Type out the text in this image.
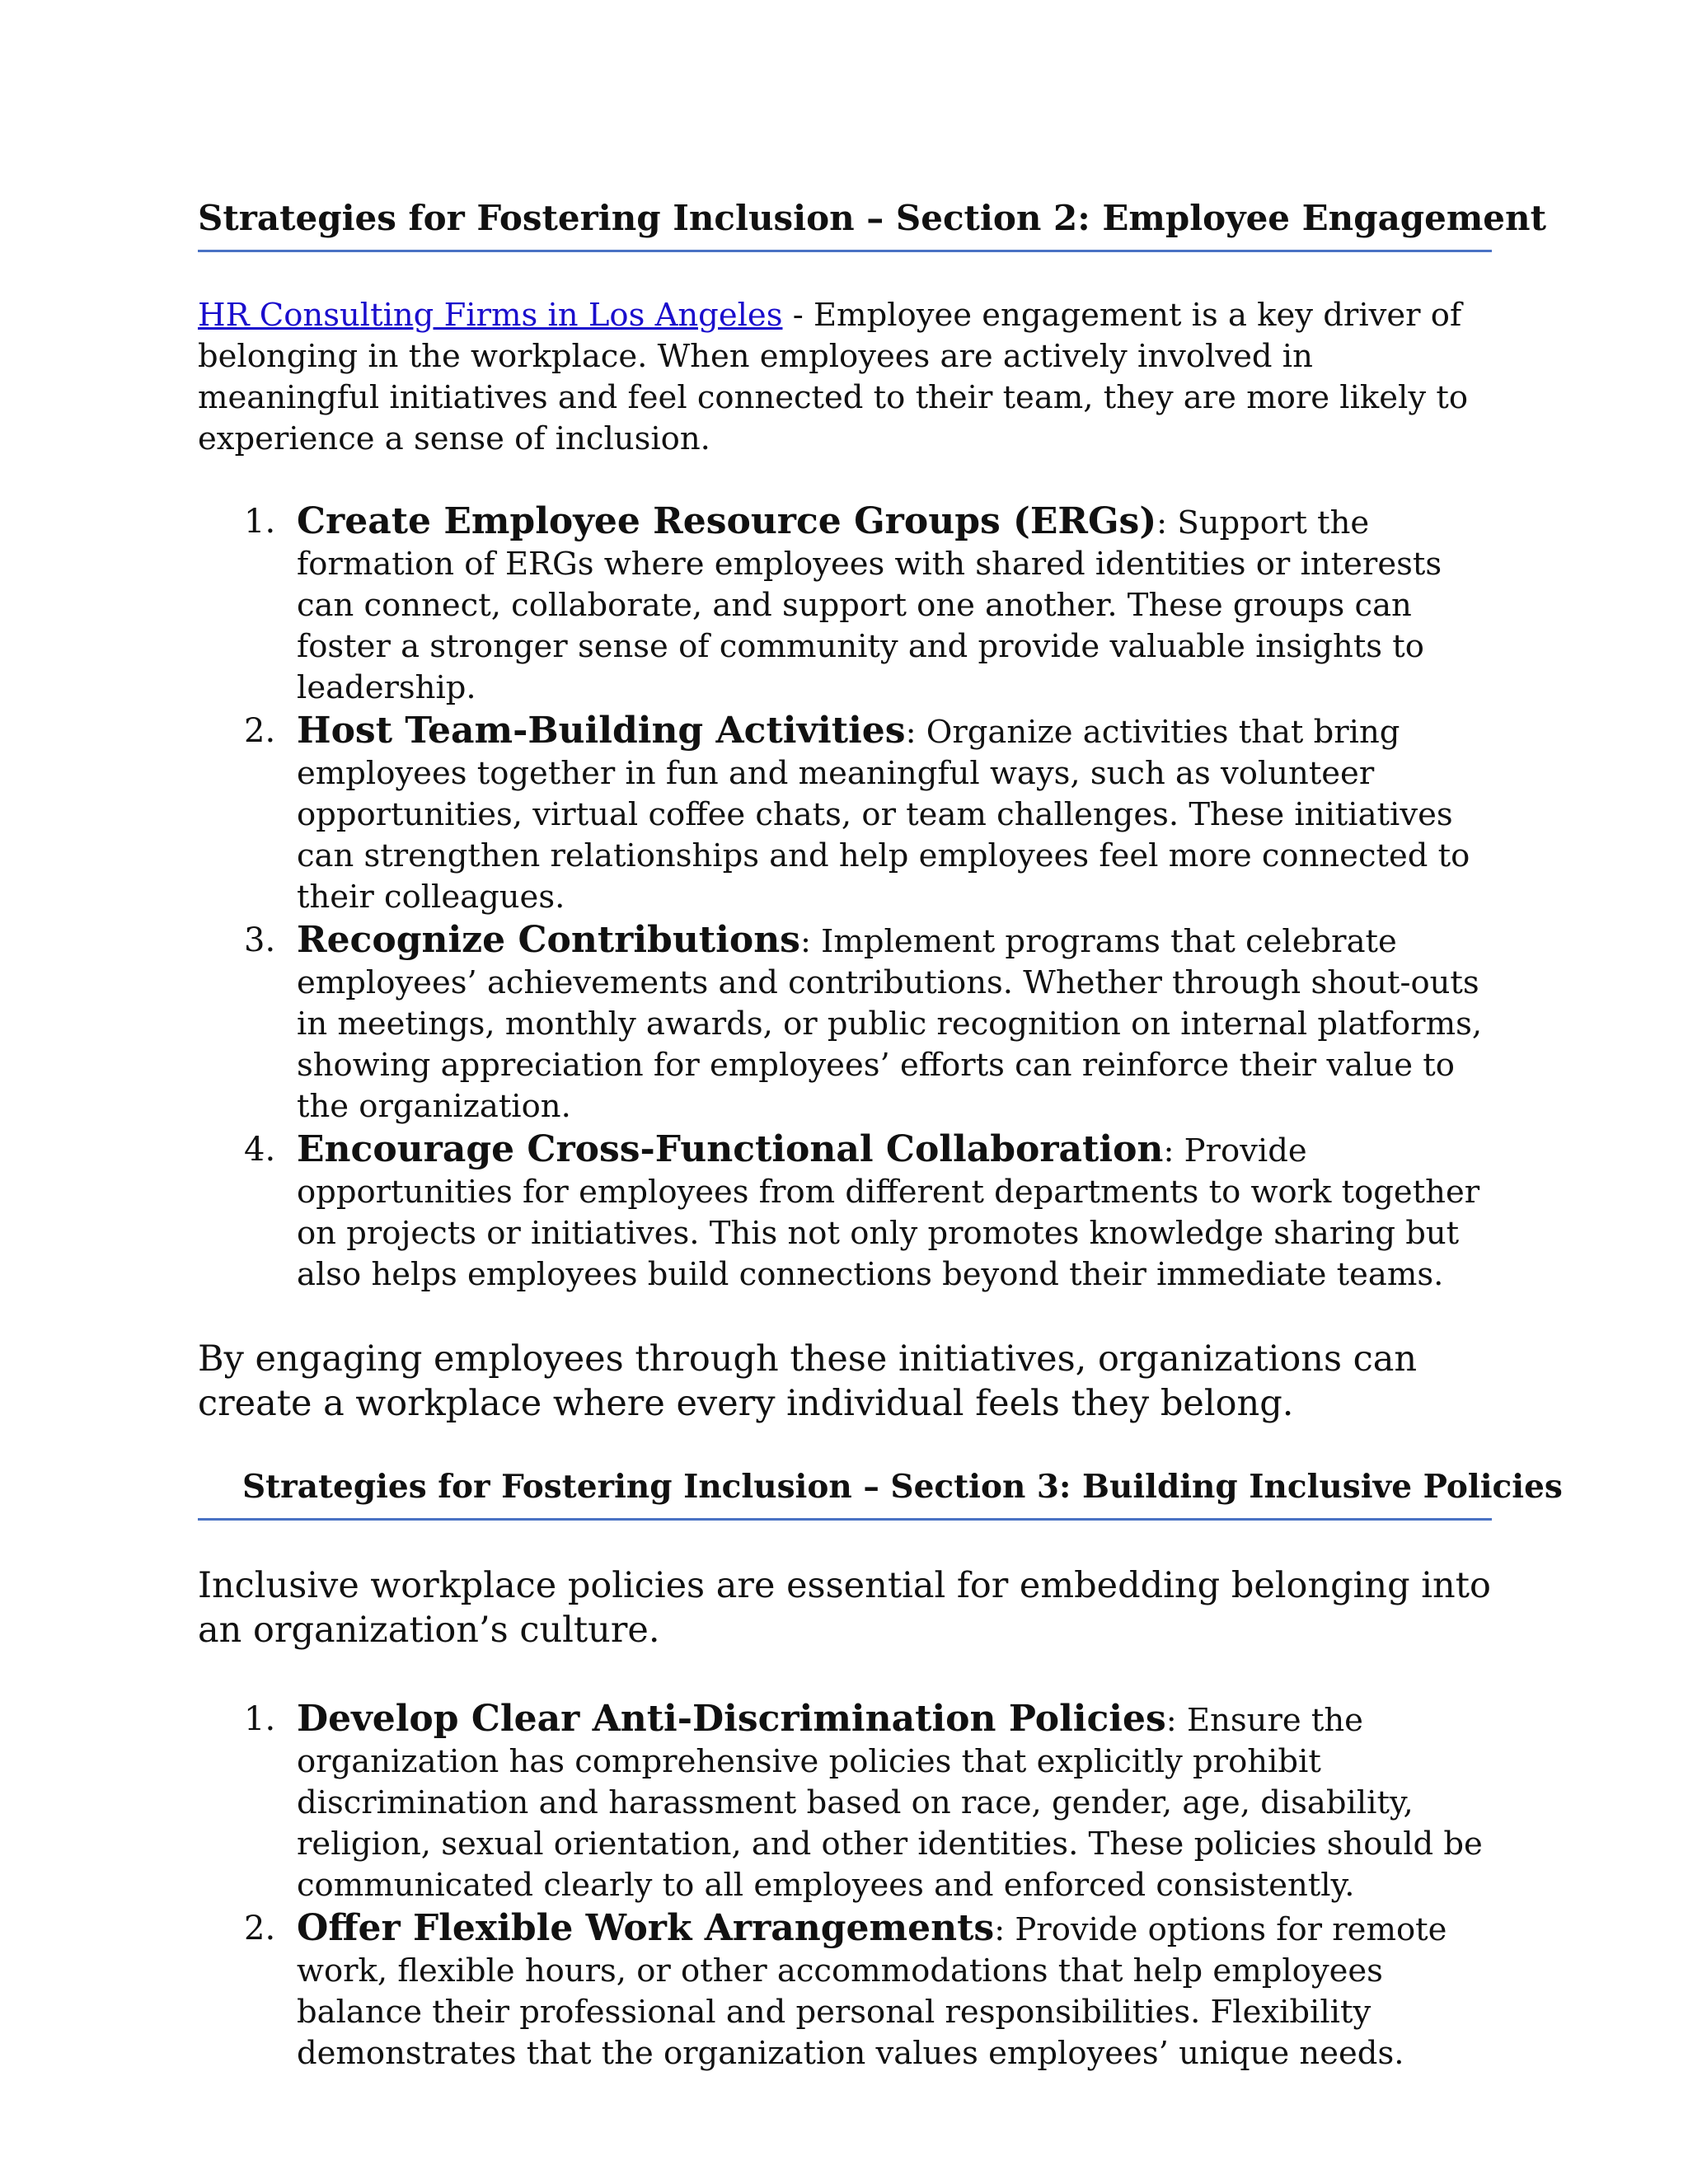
Strategies for Fostering Inclusion – Section 2: Employee Engagement

HR Consulting Firms in Los Angeles - Employee engagement is a key driver of belonging in the workplace. When employees are actively involved in meaningful initiatives and feel connected to their team, they are more likely to experience a sense of inclusion.

1. Create Employee Resource Groups (ERGs): Support the formation of ERGs where employees with shared identities or interests can connect, collaborate, and support one another. These groups can foster a stronger sense of community and provide valuable insights to leadership.
2. Host Team-Building Activities: Organize activities that bring employees together in fun and meaningful ways, such as volunteer opportunities, virtual coffee chats, or team challenges. These initiatives can strengthen relationships and help employees feel more connected to their colleagues.
3. Recognize Contributions: Implement programs that celebrate employees’ achievements and contributions. Whether through shout-outs in meetings, monthly awards, or public recognition on internal platforms, showing appreciation for employees’ efforts can reinforce their value to the organization.
4. Encourage Cross-Functional Collaboration: Provide opportunities for employees from different departments to work together on projects or initiatives. This not only promotes knowledge sharing but also helps employees build connections beyond their immediate teams.

By engaging employees through these initiatives, organizations can create a workplace where every individual feels they belong.

Strategies for Fostering Inclusion – Section 3: Building Inclusive Policies

Inclusive workplace policies are essential for embedding belonging into an organization’s culture.

1. Develop Clear Anti-Discrimination Policies: Ensure the organization has comprehensive policies that explicitly prohibit discrimination and harassment based on race, gender, age, disability, religion, sexual orientation, and other identities. These policies should be communicated clearly to all employees and enforced consistently.
2. Offer Flexible Work Arrangements: Provide options for remote work, flexible hours, or other accommodations that help employees balance their professional and personal responsibilities. Flexibility demonstrates that the organization values employees’ unique needs.
